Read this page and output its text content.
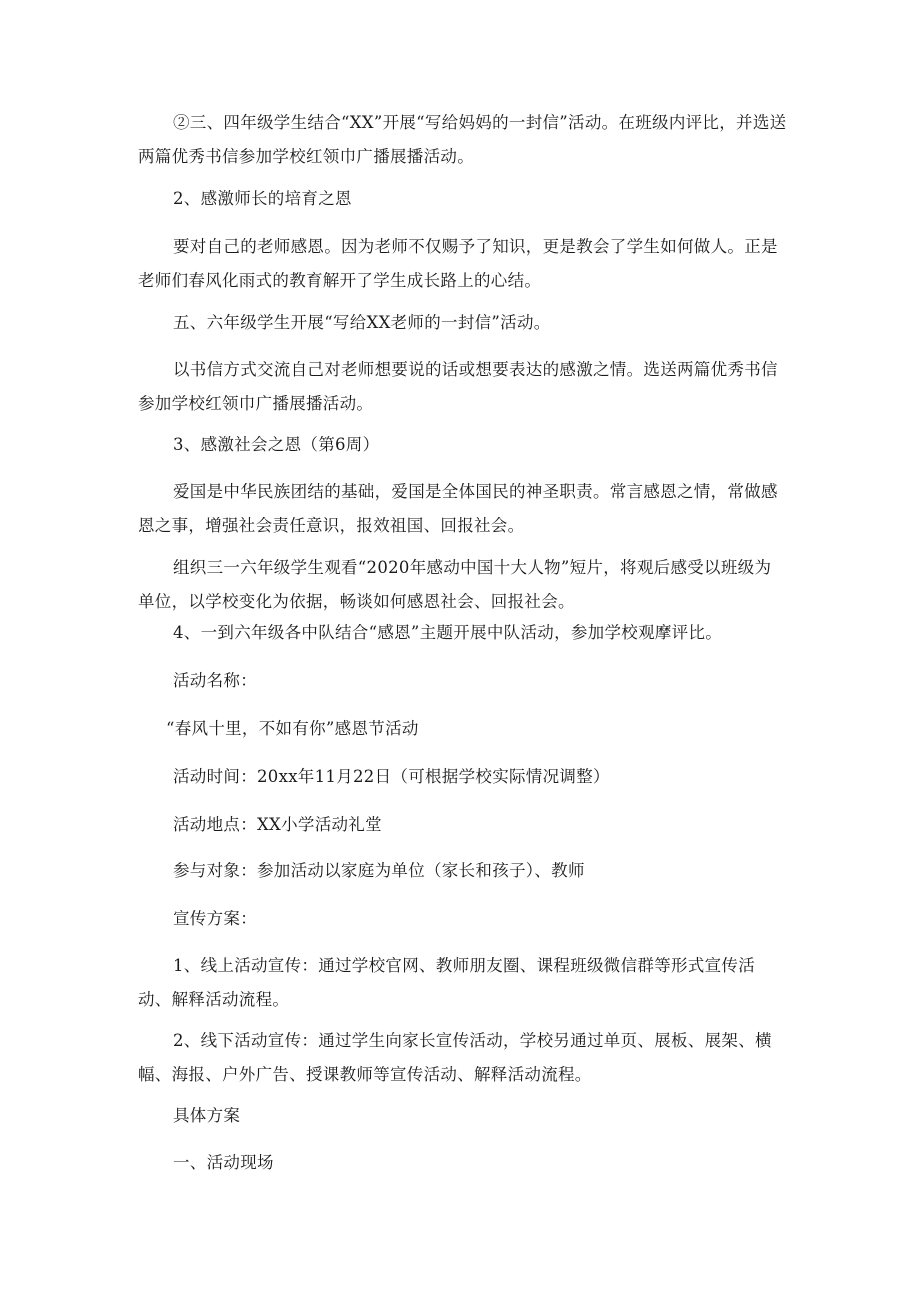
②三、四年级学生结合“XX”开展“写给妈妈的一封信”活动。在班级内评比，并选送两篇优秀书信参加学校红领巾广播展播活动。

2、感激师长的培育之恩

要对自己的老师感恩。因为老师不仅赐予了知识，更是教会了学生如何做人。正是老师们春风化雨式的教育解开了学生成长路上的心结。

五、六年级学生开展“写给XX老师的一封信”活动。

以书信方式交流自己对老师想要说的话或想要表达的感激之情。选送两篇优秀书信参加学校红领巾广播展播活动。

3、感激社会之恩（第6周）

爱国是中华民族团结的基础，爱国是全体国民的神圣职责。常言感恩之情，常做感恩之事，增强社会责任意识，报效祖国、回报社会。

组织三一六年级学生观看“2020年感动中国十大人物”短片，将观后感受以班级为单位，以学校变化为依据，畅谈如何感恩社会、回报社会。

4、一到六年级各中队结合“感恩”主题开展中队活动，参加学校观摩评比。

活动名称：

“春风十里，不如有你”感恩节活动

活动时间：20xx年11月22日（可根据学校实际情况调整）

活动地点：XX小学活动礼堂

参与对象：参加活动以家庭为单位（家长和孩子）、教师

宣传方案：

1、线上活动宣传：通过学校官网、教师朋友圈、课程班级微信群等形式宣传活动、解释活动流程。

2、线下活动宣传：通过学生向家长宣传活动，学校另通过单页、展板、展架、横幅、海报、户外广告、授课教师等宣传活动、解释活动流程。

具体方案

一、活动现场
